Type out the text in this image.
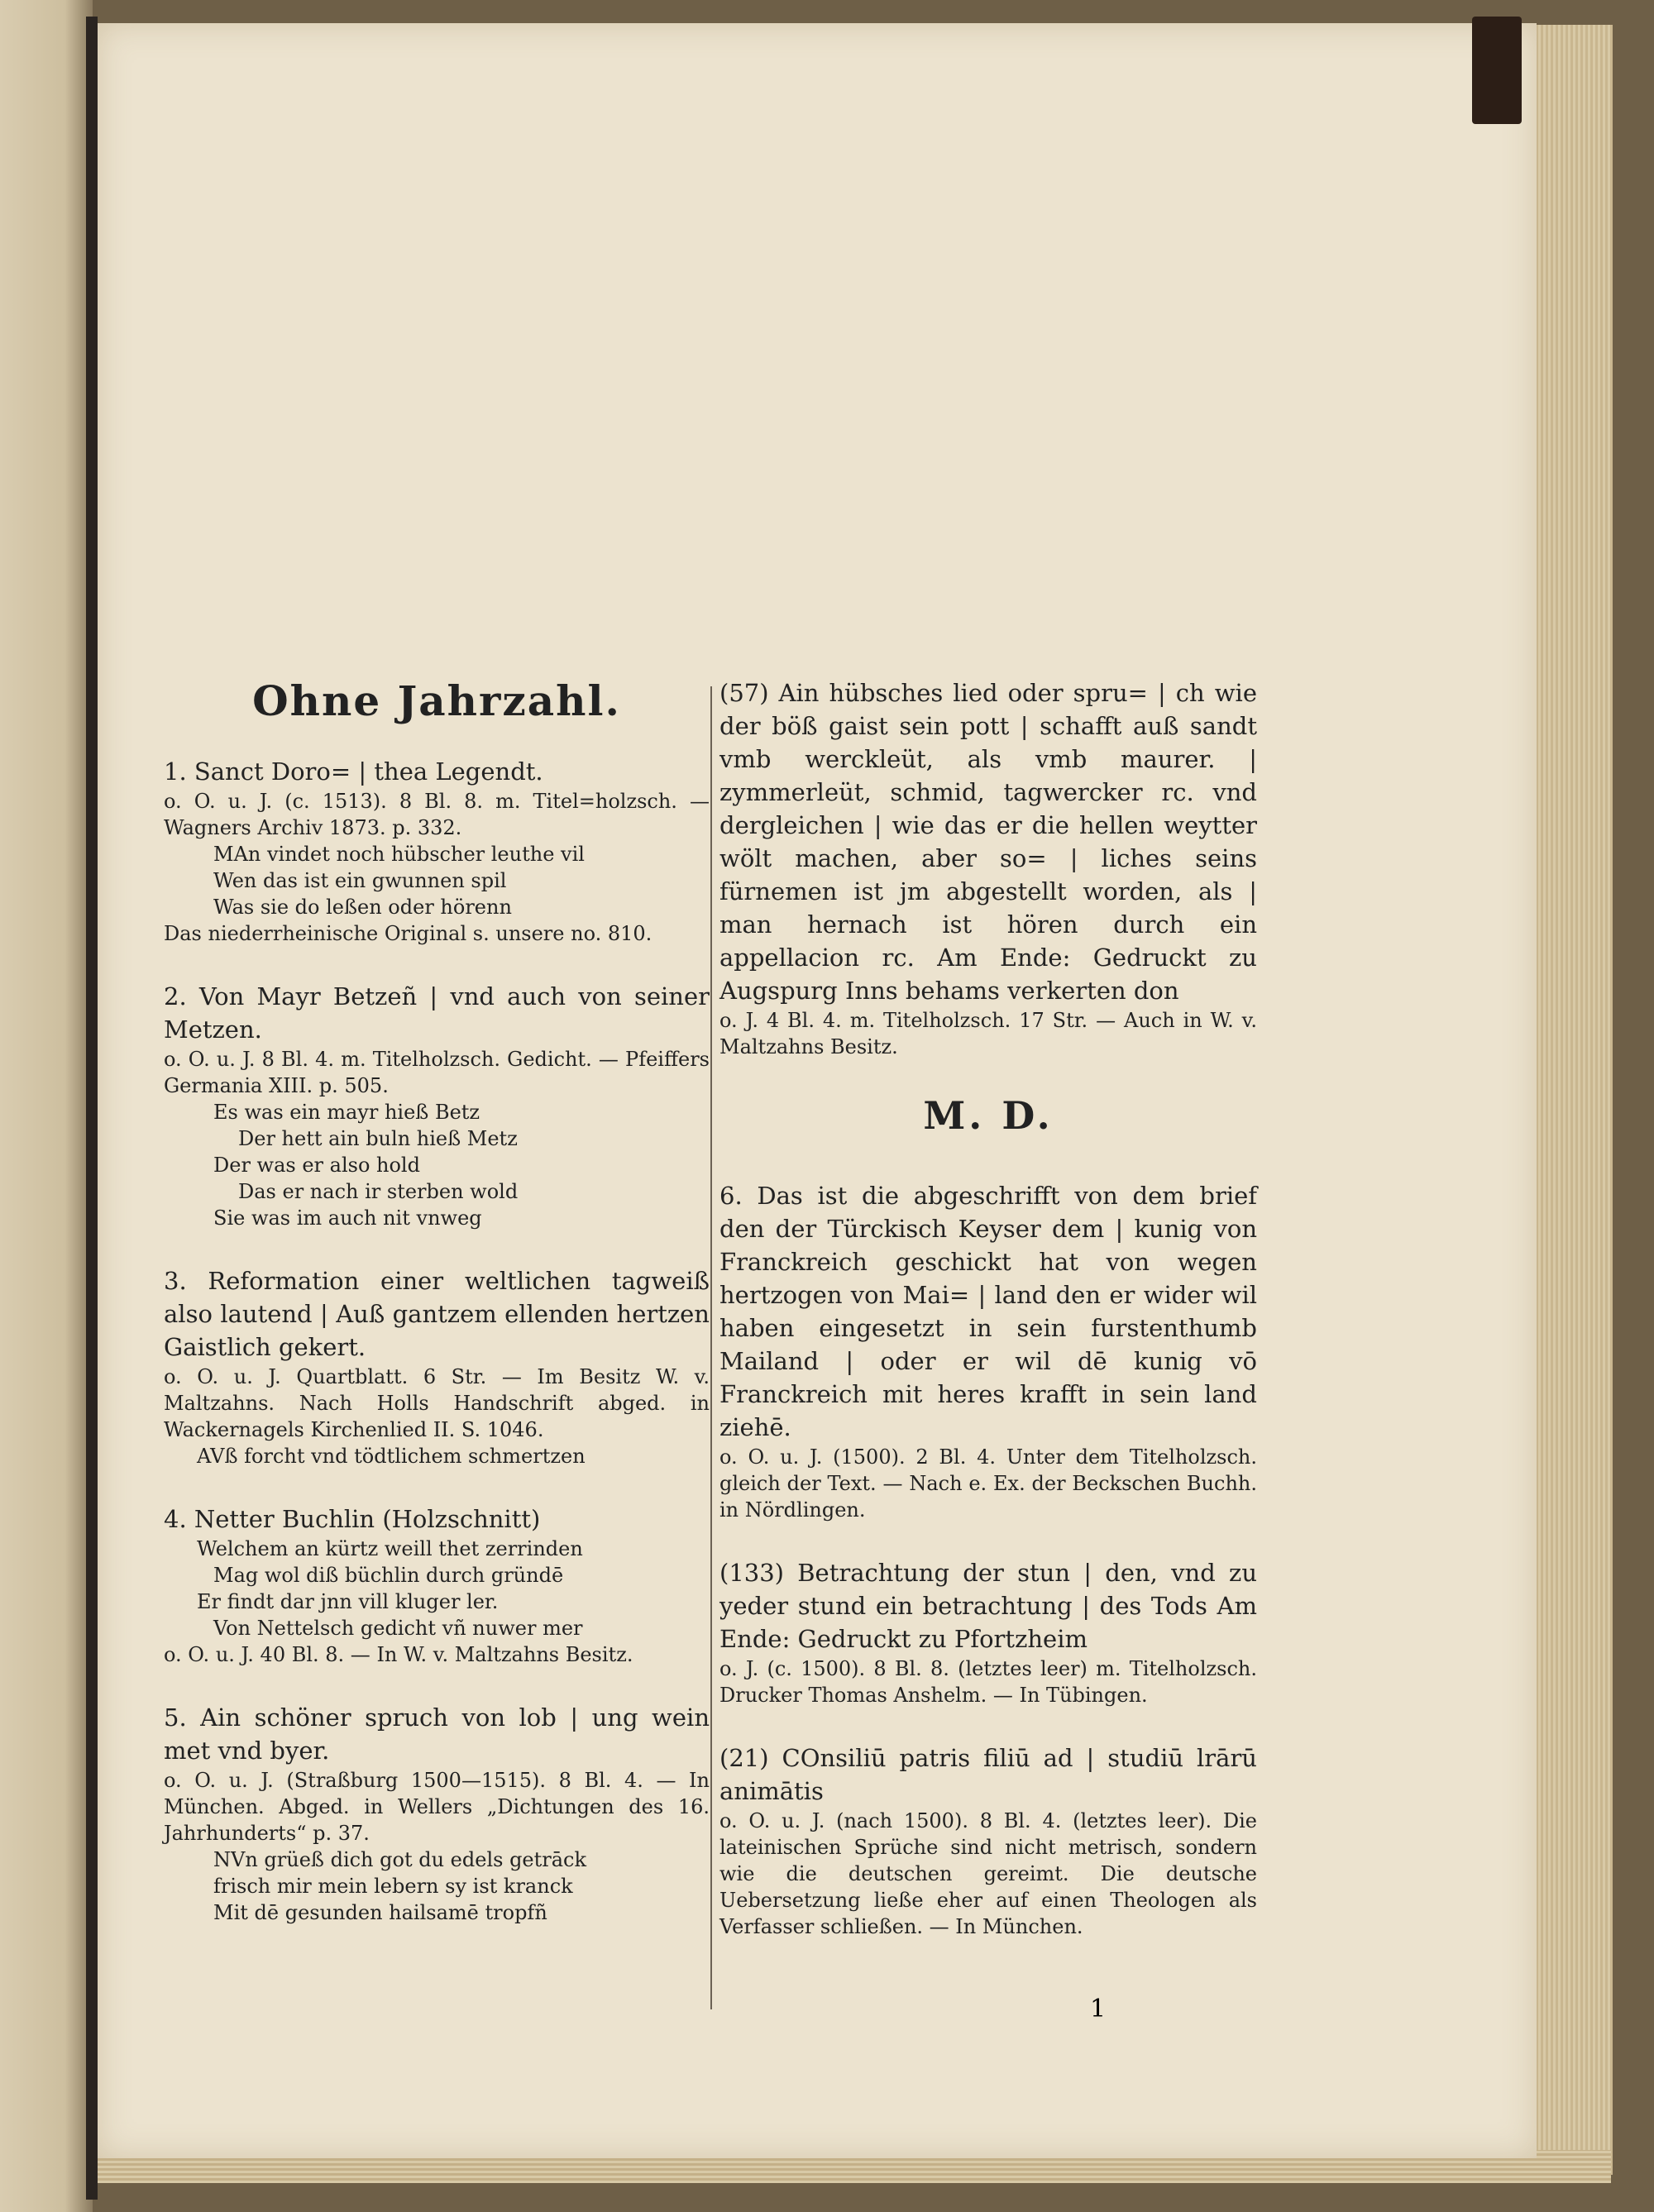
Ohne Jahrzahl.
1. Sanct Doro= | thea Legendt.
o. O. u. J. (c. 1513). 8 Bl. 8. m. Titel=holzsch. — Wagners Archiv 1873. p. 332.
MAn vindet noch hübscher leuthe vil
Wen das ist ein gwunnen spil
Was sie do leßen oder hörenn
Das niederrheinische Original s. unsere no. 810.
2. Von Mayr Betzeñ | vnd auch von seiner Metzen.
o. O. u. J. 8 Bl. 4. m. Titelholzsch. Gedicht. — Pfeiffers Germania XIII. p. 505.
Es was ein mayr hieß Betz
Der hett ain buln hieß Metz
Der was er also hold
Das er nach ir sterben wold
Sie was im auch nit vnweg
3. Reformation einer weltlichen tagweiß also lautend | Auß gantzem ellenden hertzen Gaistlich gekert.
o. O. u. J. Quartblatt. 6 Str. — Im Besitz W. v. Maltzahns. Nach Holls Handschrift abged. in Wackernagels Kirchenlied II. S. 1046.
AVß forcht vnd tödtlichem schmertzen
4. Netter Buchlin (Holzschnitt)
Welchem an kürtz weill thet zerrinden
Mag wol diß büchlin durch gründē
Er findt dar jnn vill kluger ler.
Von Nettelsch gedicht vñ nuwer mer
o. O. u. J. 40 Bl. 8. — In W. v. Maltzahns Besitz.
5. Ain schöner spruch von lob | ung wein met vnd byer.
o. O. u. J. (Straßburg 1500—1515). 8 Bl. 4. — In München. Abged. in Wellers „Dichtungen des 16. Jahrhunderts“ p. 37.
NVn grüeß dich got du edels getrāck
frisch mir mein lebern sy ist kranck
Mit dē gesunden hailsamē tropfñ
(57) Ain hübsches lied oder spru= | ch wie der böß gaist sein pott | schafft auß sandt vmb werckleüt, als vmb maurer. | zymmerleüt, schmid, tagwercker rc. vnd dergleichen | wie das er die hellen weytter wölt machen, aber so= | liches seins fürnemen ist jm abgestellt worden, als | man hernach ist hören durch ein appellacion rc. Am Ende: Gedruckt zu Augspurg Inns behams verkerten don
o. J. 4 Bl. 4. m. Titelholzsch. 17 Str. — Auch in W. v. Maltzahns Besitz.
M. D.
6. Das ist die abgeschrifft von dem brief den der Türckisch Keyser dem | kunig von Franckreich geschickt hat von wegen hertzogen von Mai= | land den er wider wil haben eingesetzt in sein furstenthumb Mailand | oder er wil dē kunig vō Franckreich mit heres krafft in sein land ziehē.
o. O. u. J. (1500). 2 Bl. 4. Unter dem Titelholzsch. gleich der Text. — Nach e. Ex. der Beckschen Buchh. in Nördlingen.
(133) Betrachtung der stun | den, vnd zu yeder stund ein betrachtung | des Tods Am Ende: Gedruckt zu Pfortzheim
o. J. (c. 1500). 8 Bl. 8. (letztes leer) m. Titelholzsch. Drucker Thomas Anshelm. — In Tübingen.
(21) COnsiliū patris filiū ad | studiū lrārū animātis
o. O. u. J. (nach 1500). 8 Bl. 4. (letztes leer). Die lateinischen Sprüche sind nicht metrisch, sondern wie die deutschen gereimt. Die deutsche Uebersetzung ließe eher auf einen Theologen als Verfasser schließen. — In München.
1
